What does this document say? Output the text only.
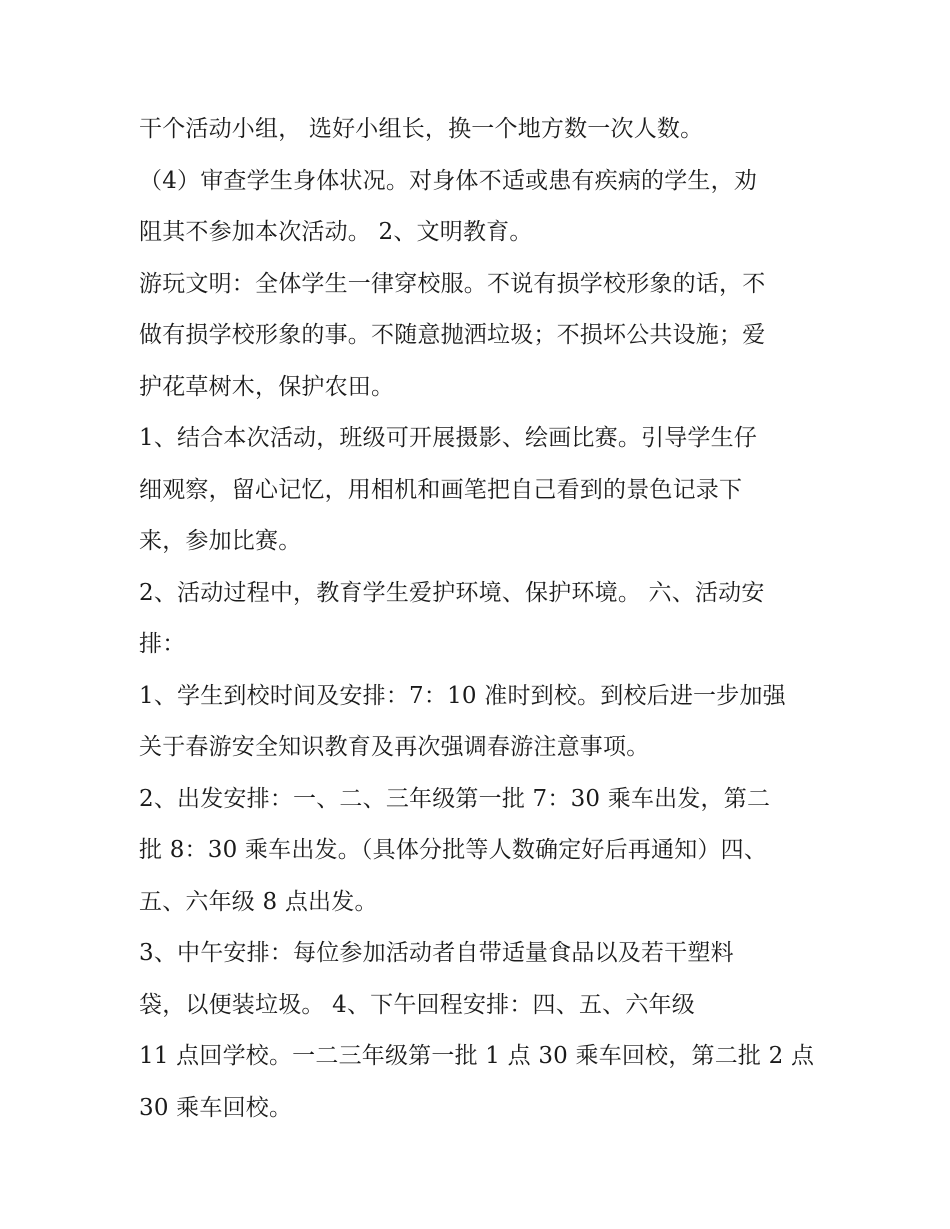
干个活动小组， 选好小组长，换一个地方数一次人数。
（4）审查学生身体状况。对身体不适或患有疾病的学生，劝
阻其不参加本次活动。 2、文明教育。
游玩文明：全体学生一律穿校服。不说有损学校形象的话，不
做有损学校形象的事。不随意抛洒垃圾；不损坏公共设施；爱
护花草树木，保护农田。
1、结合本次活动，班级可开展摄影、绘画比赛。引导学生仔
细观察，留心记忆，用相机和画笔把自己看到的景色记录下
来，参加比赛。
2、活动过程中，教育学生爱护环境、保护环境。 六、活动安
排：
1、学生到校时间及安排：7：10 准时到校。到校后进一步加强
关于春游安全知识教育及再次强调春游注意事项。
2、出发安排：一、二、三年级第一批 7：30 乘车出发，第二
批 8：30 乘车出发。（具体分批等人数确定好后再通知）四、
五、六年级 8 点出发。
3、中午安排：每位参加活动者自带适量食品以及若干塑料
袋，以便装垃圾。 4、下午回程安排：四、五、六年级
11 点回学校。一二三年级第一批 1 点 30 乘车回校，第二批 2 点
30 乘车回校。
